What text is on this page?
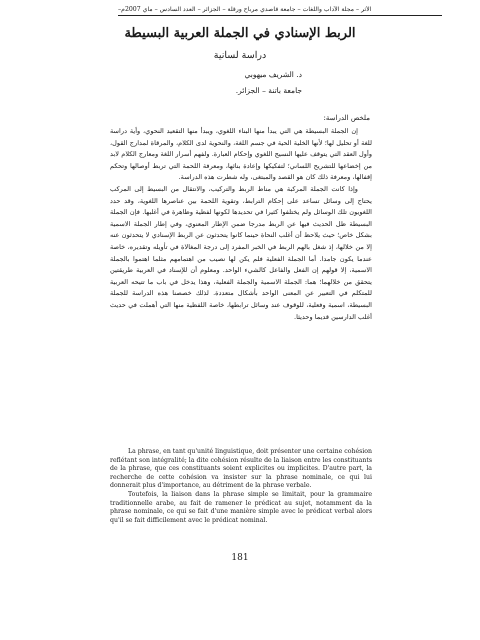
الأثر – مجلة الآداب واللغات – جامعة قاصدي مرباح ورقلة – الجزائر – العدد السادس – ماي 2007م–
الربط الإسنادي في الجملة العربية البسيطة
دراسة لسانية
د. الشريف ميهوبي
جامعة باتنة – الجزائر.
ملخص الدراسة:

إن الجملة البسيطة هي التي يبدأ منها البناء اللغوي، ويبدأ منها التقعيد النحوي، وأية دراسة للغة أو تحليل لها؛ لأنها الخلية الحية في جسم اللغة، والنحوية لدى الكلام، والمرقاة لمدارج القول، وأول العقد التي يتوقف عليها النسيج اللغوي وإحكام العبارة. ولفهم أسرار اللغة ومعارج الكلام لابد من إخضاعها للتشريح اللساني؛ لتفكيكها وإعادة بنائها، ومعرفة اللحمة التي تربط أوصالها وتحكم إقفالها، ومعرفة ذلك كان هو القصد والمبتغى، وله شطرت هذه الدراسة.

وإذا كانت الجملة المركبة هي مناط الربط والتركيب، والانتقال من البسيط إلى المركب يحتاج إلى وسائل تساعد على إحكام الترابط، وتقوية اللحمة بين عناصرها اللغوية، وقد حدد اللغويون تلك الوسائل ولم يختلفوا كثيرا في تحديدها لكونها لفظية وظاهرة في أغلبها. فإن الجملة البسيطة ظل الحديث فيها عن الربط مدرجا ضمن الإطار المعنوي، وفي إطار الجملة الاسمية بشكل خاص؛ حيث يلاحظ أن أغلب النحاة حينما كانوا يتحدثون عن الربط الإسنادي لا يتحدثون عنه إلا من خلالها، إذ شغل بالهم الربط في الخبر المفرد إلى درجة المغالاة في تأويله وتقديره، خاصة عندما يكون جامدا. أما الجملة الفعلية فلم يكن لها نصيب من اهتمامهم مثلما اهتموا بالجملة الاسمية، إلا قولهم إن الفعل والفاعل كالشيء الواحد. ومعلوم أن للإسناد في العربية طريقتين يتحقق من خلالهما؛ هما: الجملة الاسمية والجملة الفعلية، وهذا يدخل في باب ما تتيحه العربية للمتكلم في التعبير عن المعنى الواحد بأشكال متعددة. لذلك خصصنا هذه الدراسة للجملة البسيطة، اسمية وفعلية، للوقوف عند وسائل ترابطها، خاصة اللفظية منها التي أهملت في حديث أغلب الدارسين قديما وحديثا.

La phrase, en tant qu'unité linguistique, doit présenter une certaine cohésion reflétant son intégralité; la dite cohésion résulte de la liaison entre les constituants de la phrase, que ces constituants soient explicites ou implicites. D'autre part, la recherche de cette cohésion va insister sur la phrase nominale, ce qui lui donnerait plus d'importance, au détriment de la phrase verbale.

Toutefois, la liaison dans la phrase simple se limitait, pour la grammaire traditionnelle arabe, au fait de ramener le prédicat au sujet, notamment da la phrase nominale, ce qui se fait d'une manière simple avec le prédicat verbal alors qu'il se fait difficilement avec le prédicat nominal.

181
